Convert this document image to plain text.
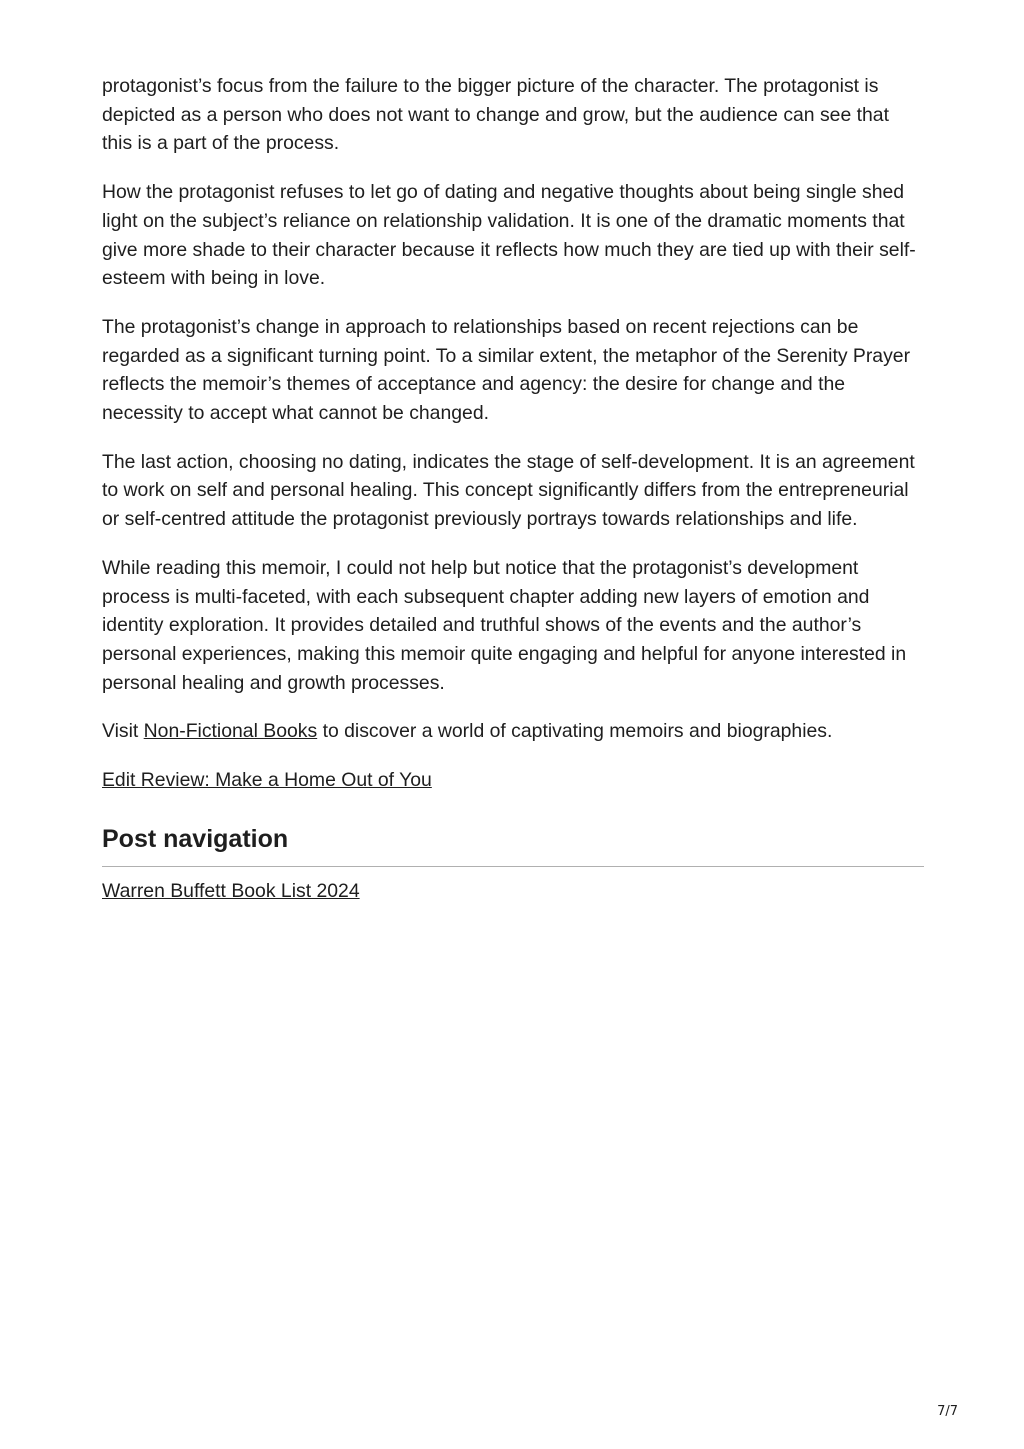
protagonist’s focus from the failure to the bigger picture of the character. The protagonist is depicted as a person who does not want to change and grow, but the audience can see that this is a part of the process.

How the protagonist refuses to let go of dating and negative thoughts about being single shed light on the subject’s reliance on relationship validation. It is one of the dramatic moments that give more shade to their character because it reflects how much they are tied up with their self-esteem with being in love.

The protagonist’s change in approach to relationships based on recent rejections can be regarded as a significant turning point. To a similar extent, the metaphor of the Serenity Prayer reflects the memoir’s themes of acceptance and agency: the desire for change and the necessity to accept what cannot be changed.

The last action, choosing no dating, indicates the stage of self-development. It is an agreement to work on self and personal healing. This concept significantly differs from the entrepreneurial or self-centred attitude the protagonist previously portrays towards relationships and life.

While reading this memoir, I could not help but notice that the protagonist’s development process is multi-faceted, with each subsequent chapter adding new layers of emotion and identity exploration. It provides detailed and truthful shows of the events and the author’s personal experiences, making this memoir quite engaging and helpful for anyone interested in personal healing and growth processes.

Visit Non-Fictional Books to discover a world of captivating memoirs and biographies.

Edit Review: Make a Home Out of You

Post navigation
Warren Buffett Book List 2024
7/7
